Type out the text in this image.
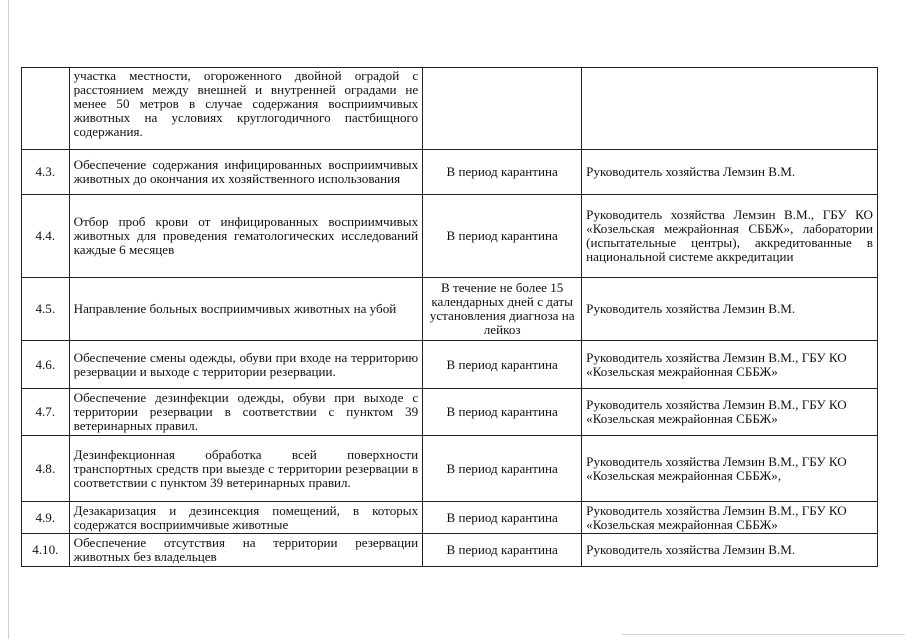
	участка местности, огороженного двойной оградой с расстоянием между внешней и внутренней оградами не менее 50 метров в случае содержания восприимчивых животных на условиях круглогодичного пастбищного содержания.		
4.3.	Обеспечение содержания инфицированных восприимчивых животных до окончания их хозяйственного использования	В период карантина	Руководитель хозяйства Лемзин В.М.
4.4.	Отбор проб крови от инфицированных восприимчивых животных для проведения гематологических исследований каждые 6 месяцев	В период карантина	Руководитель хозяйства Лемзин В.М., ГБУ КО «Козельская межрайонная СББЖ», лаборатории (испытательные центры), аккредитованные в национальной системе аккредитации
4.5.	Направление больных восприимчивых животных на убой	В течение не более 15 календарных дней с даты установления диагноза на лейкоз	Руководитель хозяйства Лемзин В.М.
4.6.	Обеспечение смены одежды, обуви при входе на территорию резервации и выходе с территории резервации.	В период карантина	Руководитель хозяйства Лемзин В.М., ГБУ КО «Козельская межрайонная СББЖ»
4.7.	Обеспечение дезинфекции одежды, обуви при выходе с территории резервации в соответствии с пунктом 39 ветеринарных правил.	В период карантина	Руководитель хозяйства Лемзин В.М., ГБУ КО «Козельская межрайонная СББЖ»
4.8.	Дезинфекционная обработка всей поверхности транспортных средств при выезде с территории резервации в соответствии с пунктом 39 ветеринарных правил.	В период карантина	Руководитель хозяйства Лемзин В.М., ГБУ КО «Козельская межрайонная СББЖ»,
4.9.	Дезакаризация и дезинсекция помещений, в которых содержатся восприимчивые животные	В период карантина	Руководитель хозяйства Лемзин В.М., ГБУ КО «Козельская межрайонная СББЖ»
4.10.	Обеспечение отсутствия на территории резервации животных без владельцев	В период карантина	Руководитель хозяйства Лемзин В.М.
